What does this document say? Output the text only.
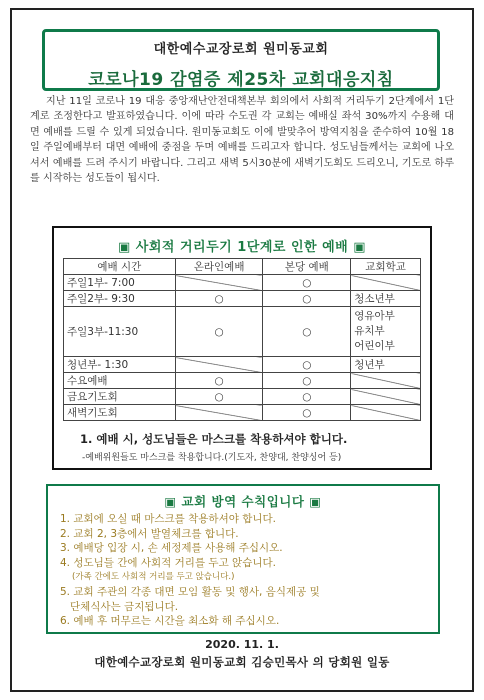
대한예수교장로회 원미동교회
코로나19 감염증 제25차 교회대응지침

지난 11일 코로나 19 대응 중앙재난안전대책본부 회의에서 사회적 거리두기 2단계에서 1단계로 조정한다고 발표하였습니다. 이에 따라 수도권 각 교회는 예배실 좌석 30%까지 수용해 대면 예배를 드릴 수 있게 되었습니다. 원미동교회도 이에 발맞추어 방역지침을 준수하여 10월 18일 주일예배부터 대면 예배에 중점을 두며 예배를 드리고자 합니다. 성도님들께서는 교회에 나오셔서 예배를 드려 주시기 바랍니다. 그리고 새벽 5시30분에 새벽기도회도 드리오니, 기도로 하루를 시작하는 성도들이 됩시다.

▣ 사회적 거리두기 1단계로 인한 예배 ▣
예배 시간	온라인예배	본당 예배	교회학교
주일1부- 7:00		○	
주일2부- 9:30	○	○	청소년부
주일3부-11:30	○	○	영유아부
유치부
어린이부

청년부- 1:30		○	청년부
수요예배	○	○	
금요기도회	○	○	
새벽기도회		○	
1. 예배 시, 성도님들은 마스크를 착용하셔야 합니다.
-예배위원들도 마스크를 착용합니다.(기도자, 찬양대, 찬양싱어 등)
▣ 교회 방역 수칙입니다 ▣
1. 교회에 오실 때 마스크를 착용하셔야 합니다.
2. 교회 2, 3층에서 발열체크를 합니다.
3. 예배당 입장 시, 손 세정제를 사용해 주십시오.
4. 성도님들 간에 사회적 거리를 두고 앉습니다.
(가족 간에도 사회적 거리를 두고 앉습니다.)
5. 교회 주관의 각종 대면 모임 활동 및 행사, 음식제공 및
단체식사는 금지됩니다.
6. 예배 후 머무르는 시간을 최소화 해 주십시오.
2020. 11. 1.
대한예수교장로회 원미동교회 김승민목사 의 당회원 일동
